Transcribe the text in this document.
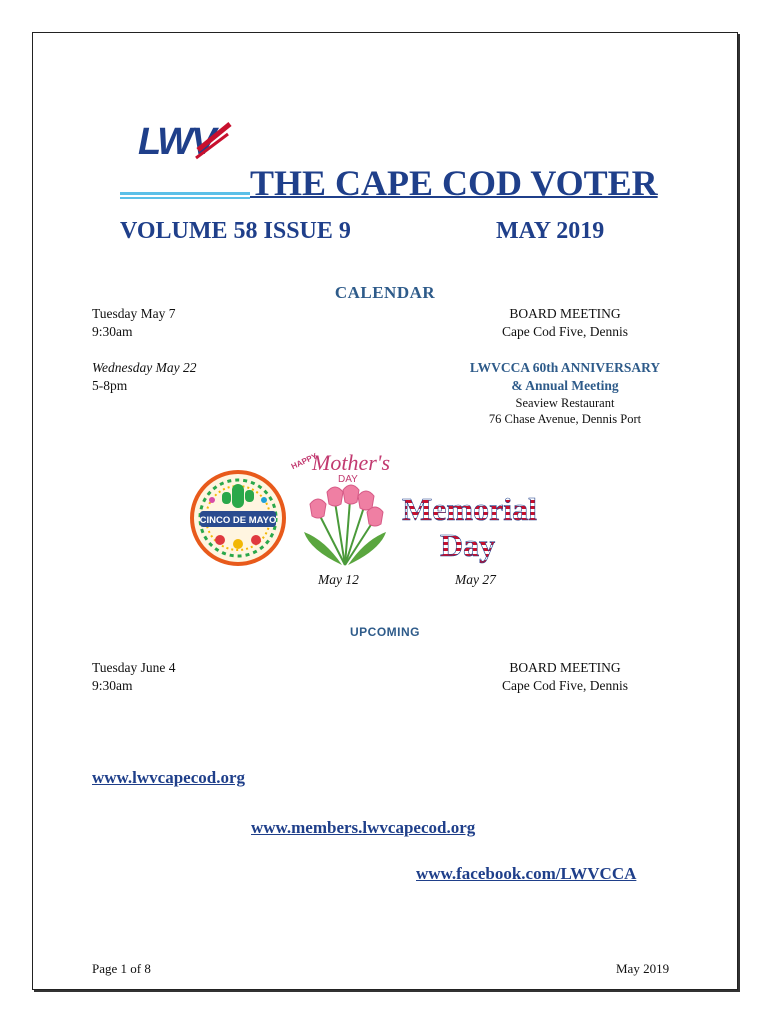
LWV
THE CAPE COD VOTER
VOLUME 58 ISSUE 9	MAY 2019
CALENDAR
Tuesday May 7
9:30am
BOARD MEETING
Cape Cod Five, Dennis
Wednesday May 22
5-8pm
LWVCCA 60th ANNIVERSARY
& Annual Meeting
Seaview Restaurant
76 Chase Avenue, Dennis Port
CINCO DE MAYO
HAPPY
Mother's
DAY
May 12
Memorial
Day
May 27
UPCOMING
Tuesday June 4
9:30am
BOARD MEETING
Cape Cod Five, Dennis
www.lwvcapecod.org
www.members.lwvcapecod.org
www.facebook.com/LWVCCA
Page 1 of 8	May 2019
